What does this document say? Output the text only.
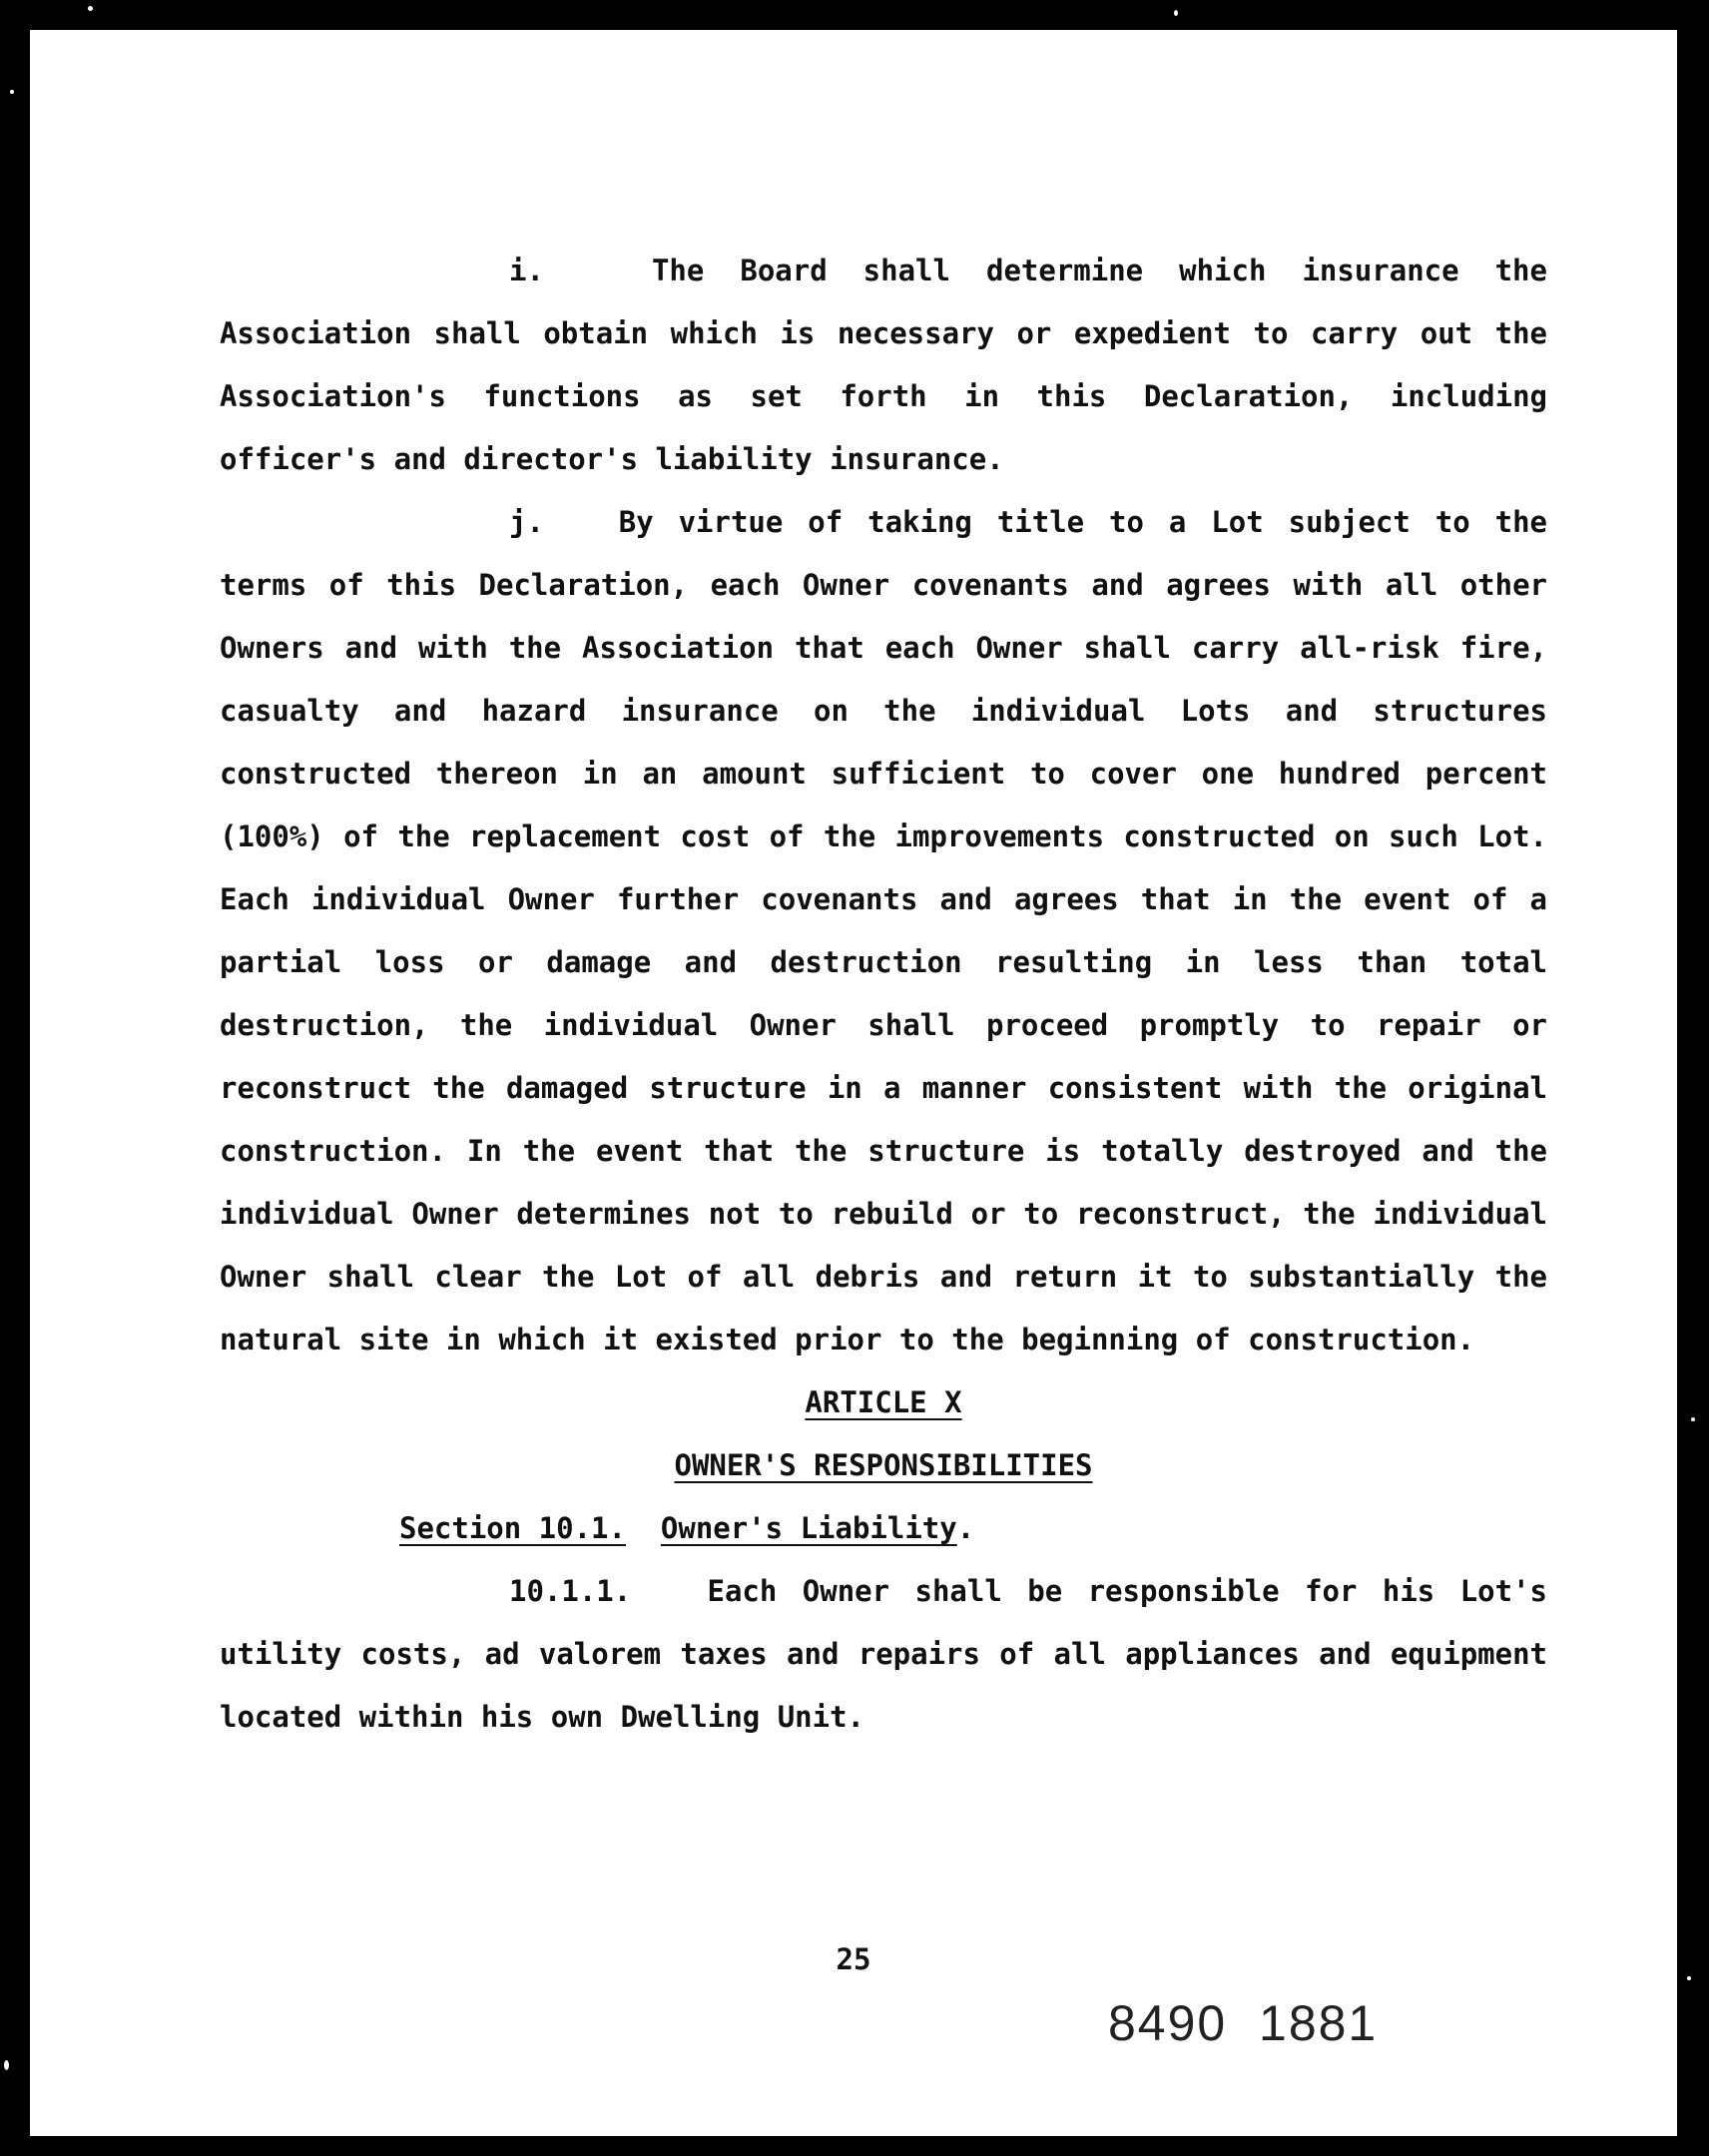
i.	The Board shall determine which insurance the Association shall obtain which is necessary or expedient to carry out the Association's functions as set forth in this Declaration, including officer's and director's liability insurance.

j.	By virtue of taking title to a Lot subject to the terms of this Declaration, each Owner covenants and agrees with all other Owners and with the Association that each Owner shall carry all-risk fire, casualty and hazard insurance on the individual Lots and structures constructed thereon in an amount sufficient to cover one hundred percent (100%) of the replacement cost of the improvements constructed on such Lot. Each individual Owner further covenants and agrees that in the event of a partial loss or damage and destruction resulting in less than total destruction, the individual Owner shall proceed promptly to repair or reconstruct the damaged structure in a manner consistent with the original construction. In the event that the structure is totally destroyed and the individual Owner determines not to rebuild or to reconstruct, the individual Owner shall clear the Lot of all debris and return it to substantially the natural site in which it existed prior to the beginning of construction.

ARTICLE X

OWNER'S RESPONSIBILITIES

Section 10.1. Owner's Liability.

10.1.1.	Each Owner shall be responsible for his Lot's utility costs, ad valorem taxes and repairs of all appliances and equipment located within his own Dwelling Unit.

25
8490  1881
